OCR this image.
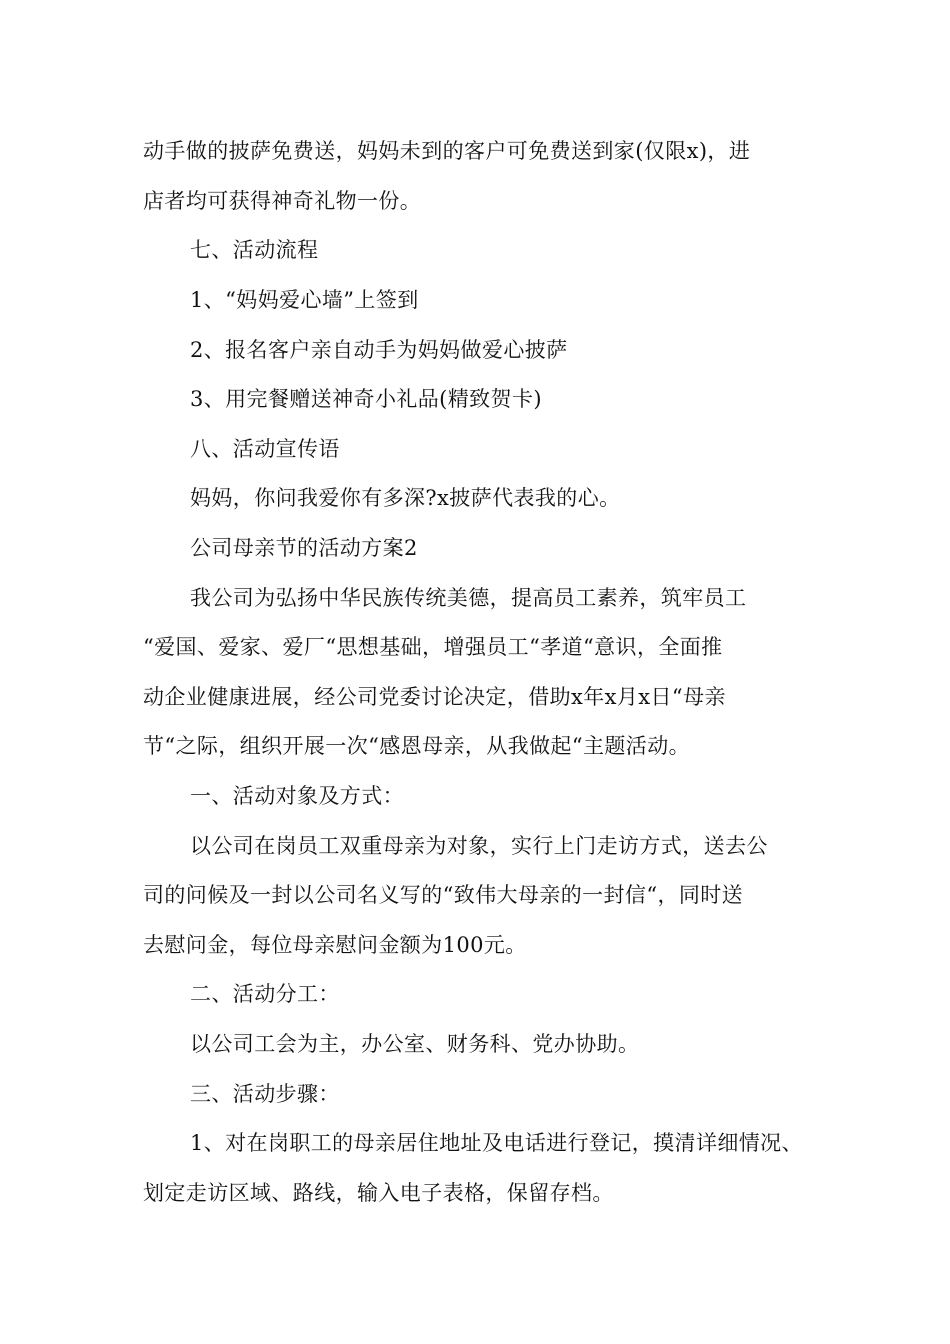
动手做的披萨免费送，妈妈未到的客户可免费送到家(仅限x)，进
店者均可获得神奇礼物一份。
七、活动流程
1、“妈妈爱心墙”上签到
2、报名客户亲自动手为妈妈做爱心披萨
3、用完餐赠送神奇小礼品(精致贺卡)
八、活动宣传语
妈妈，你问我爱你有多深?x披萨代表我的心。
公司母亲节的活动方案2
我公司为弘扬中华民族传统美德，提高员工素养，筑牢员工
“爱国、爱家、爱厂“思想基础，增强员工“孝道“意识，全面推
动企业健康进展，经公司党委讨论决定，借助x年x月x日“母亲
节“之际，组织开展一次“感恩母亲，从我做起“主题活动。
一、活动对象及方式：
以公司在岗员工双重母亲为对象，实行上门走访方式，送去公
司的问候及一封以公司名义写的“致伟大母亲的一封信“，同时送
去慰问金，每位母亲慰问金额为100元。
二、活动分工：
以公司工会为主，办公室、财务科、党办协助。
三、活动步骤：
1、对在岗职工的母亲居住地址及电话进行登记，摸清详细情况、
划定走访区域、路线，输入电子表格，保留存档。
